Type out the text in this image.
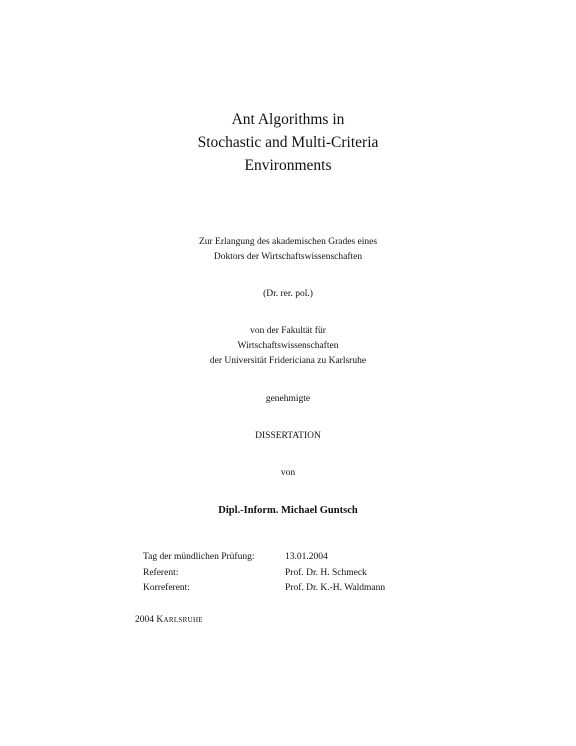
Ant Algorithms in
Stochastic and Multi-Criteria
Environments
Zur Erlangung des akademischen Grades eines
Doktors der Wirtschaftswissenschaften
(Dr. rer. pol.)
von der Fakultät für
Wirtschaftswissenschaften
der Universität Fridericiana zu Karlsruhe
genehmigte
DISSERTATION
von
Dipl.-Inform. Michael Guntsch
Tag der mündlichen Prüfung:	13.01.2004
Referent:	Prof. Dr. H. Schmeck
Korreferent:	Prof. Dr. K.-H. Waldmann
2004 Karlsruhe
